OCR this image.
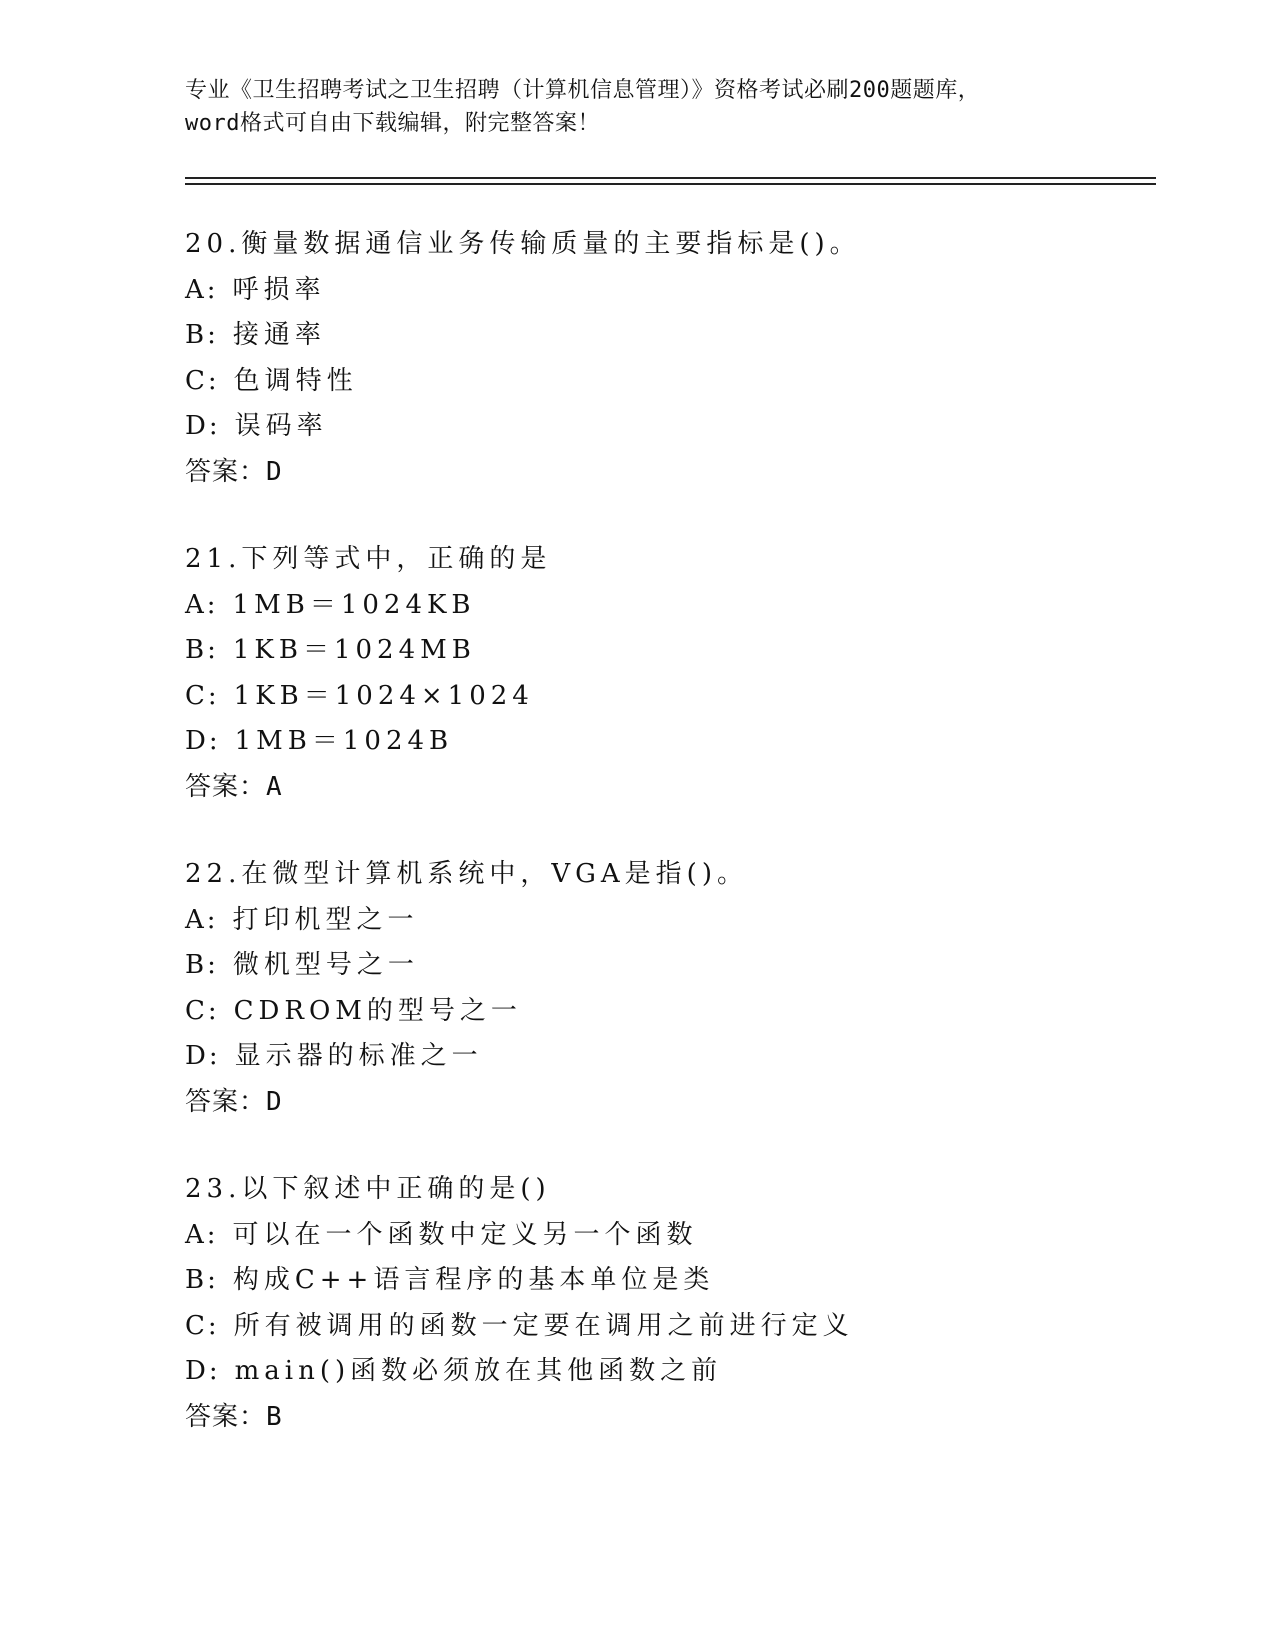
专业《卫生招聘考试之卫生招聘（计算机信息管理）》资格考试必刷200题题库，
word格式可自由下载编辑，附完整答案！
20.衡量数据通信业务传输质量的主要指标是()。
A: 呼损率
B: 接通率
C: 色调特性
D: 误码率
答案：D
21.下列等式中，正确的是
A: 1MB＝1024KB
B: 1KB＝1024MB
C: 1KB＝1024×1024
D: 1MB＝1024B
答案：A
22.在微型计算机系统中，VGA是指()。
A: 打印机型之一
B: 微机型号之一
C: CDROM的型号之一
D: 显示器的标准之一
答案：D
23.以下叙述中正确的是()
A: 可以在一个函数中定义另一个函数
B: 构成C++语言程序的基本单位是类
C: 所有被调用的函数一定要在调用之前进行定义
D: main()函数必须放在其他函数之前
答案：B
